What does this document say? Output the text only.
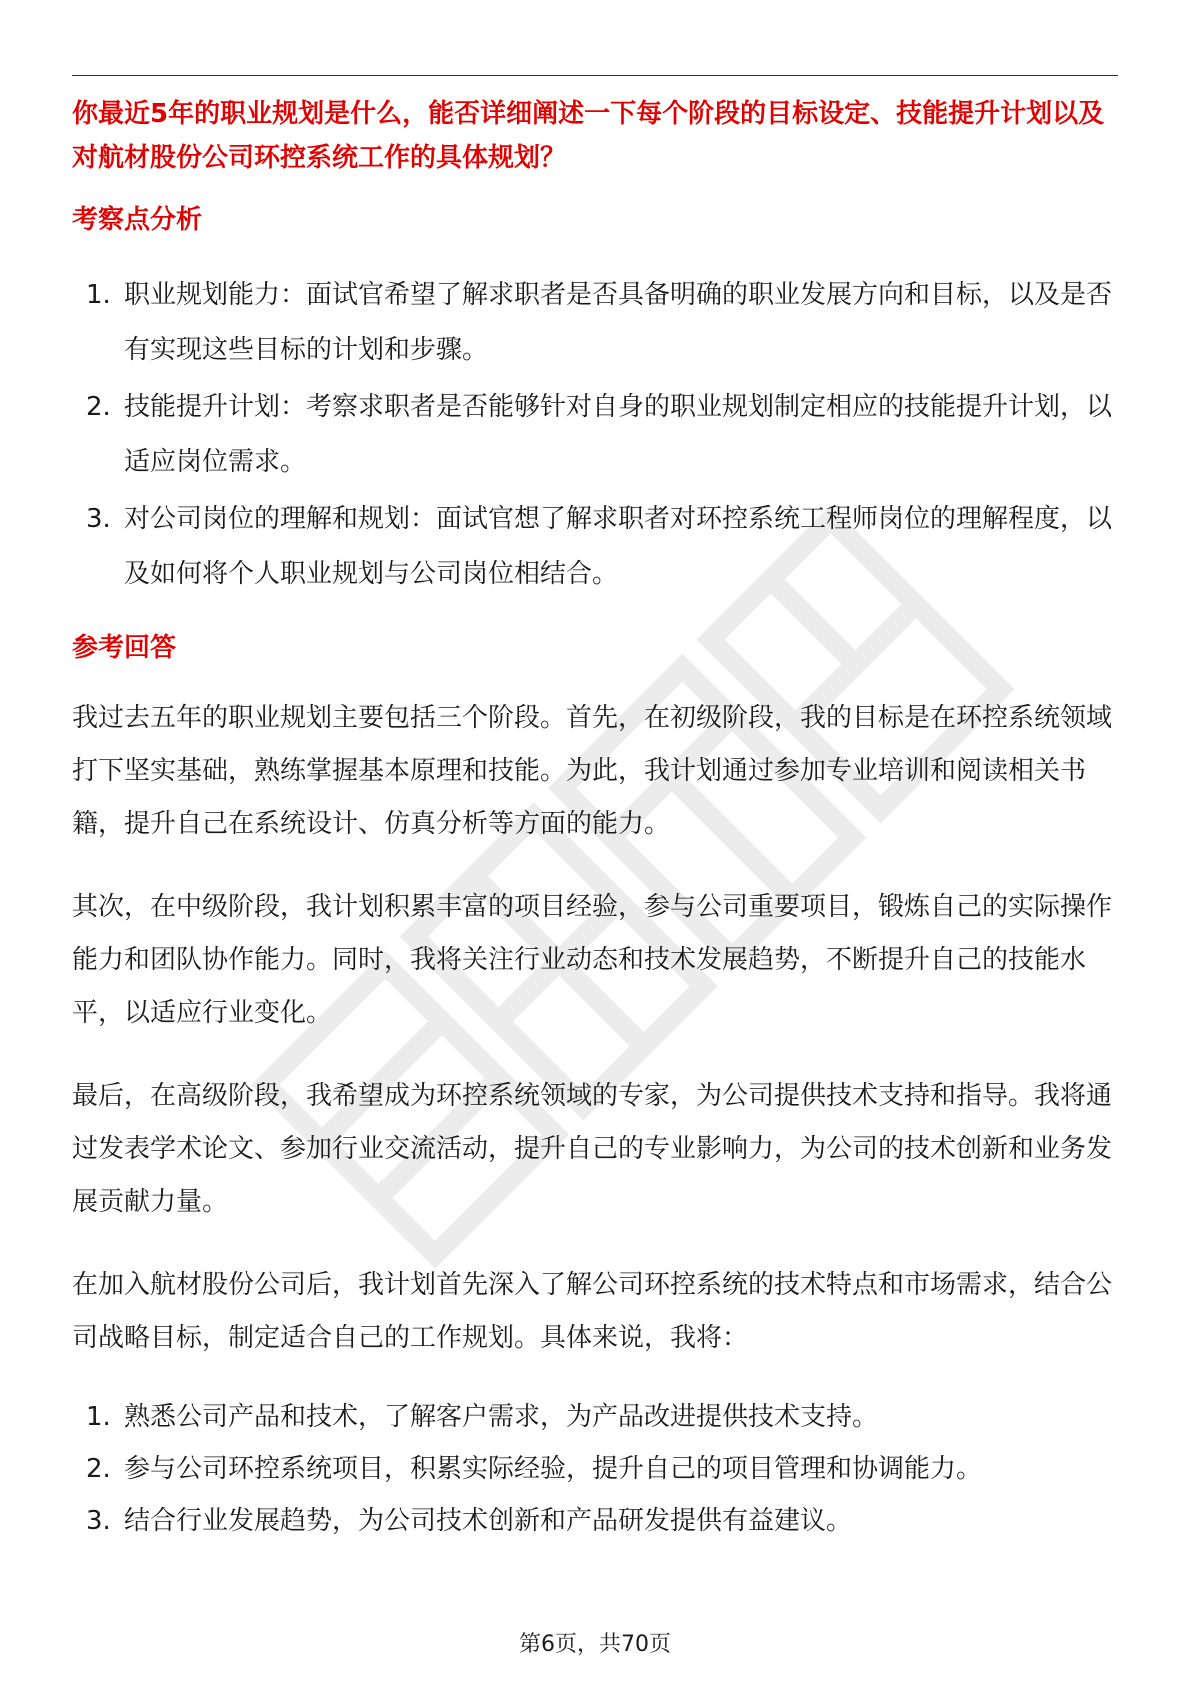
你最近5年的职业规划是什么，能否详细阐述一下每个阶段的目标设定、技能提升计划以及对航材股份公司环控系统工作的具体规划？

考察点分析
1. 职业规划能力：面试官希望了解求职者是否具备明确的职业发展方向和目标，以及是否有实现这些目标的计划和步骤。
2. 技能提升计划：考察求职者是否能够针对自身的职业规划制定相应的技能提升计划，以适应岗位需求。
3. 对公司岗位的理解和规划：面试官想了解求职者对环控系统工程师岗位的理解程度，以及如何将个人职业规划与公司岗位相结合。
参考回答

我过去五年的职业规划主要包括三个阶段。首先，在初级阶段，我的目标是在环控系统领域打下坚实基础，熟练掌握基本原理和技能。为此，我计划通过参加专业培训和阅读相关书籍，提升自己在系统设计、仿真分析等方面的能力。

其次，在中级阶段，我计划积累丰富的项目经验，参与公司重要项目，锻炼自己的实际操作能力和团队协作能力。同时，我将关注行业动态和技术发展趋势，不断提升自己的技能水平，以适应行业变化。

最后，在高级阶段，我希望成为环控系统领域的专家，为公司提供技术支持和指导。我将通过发表学术论文、参加行业交流活动，提升自己的专业影响力，为公司的技术创新和业务发展贡献力量。

在加入航材股份公司后，我计划首先深入了解公司环控系统的技术特点和市场需求，结合公司战略目标，制定适合自己的工作规划。具体来说，我将：

1. 熟悉公司产品和技术，了解客户需求，为产品改进提供技术支持。
2. 参与公司环控系统项目，积累实际经验，提升自己的项目管理和协调能力。
3. 结合行业发展趋势，为公司技术创新和产品研发提供有益建议。
第6页，共70页
